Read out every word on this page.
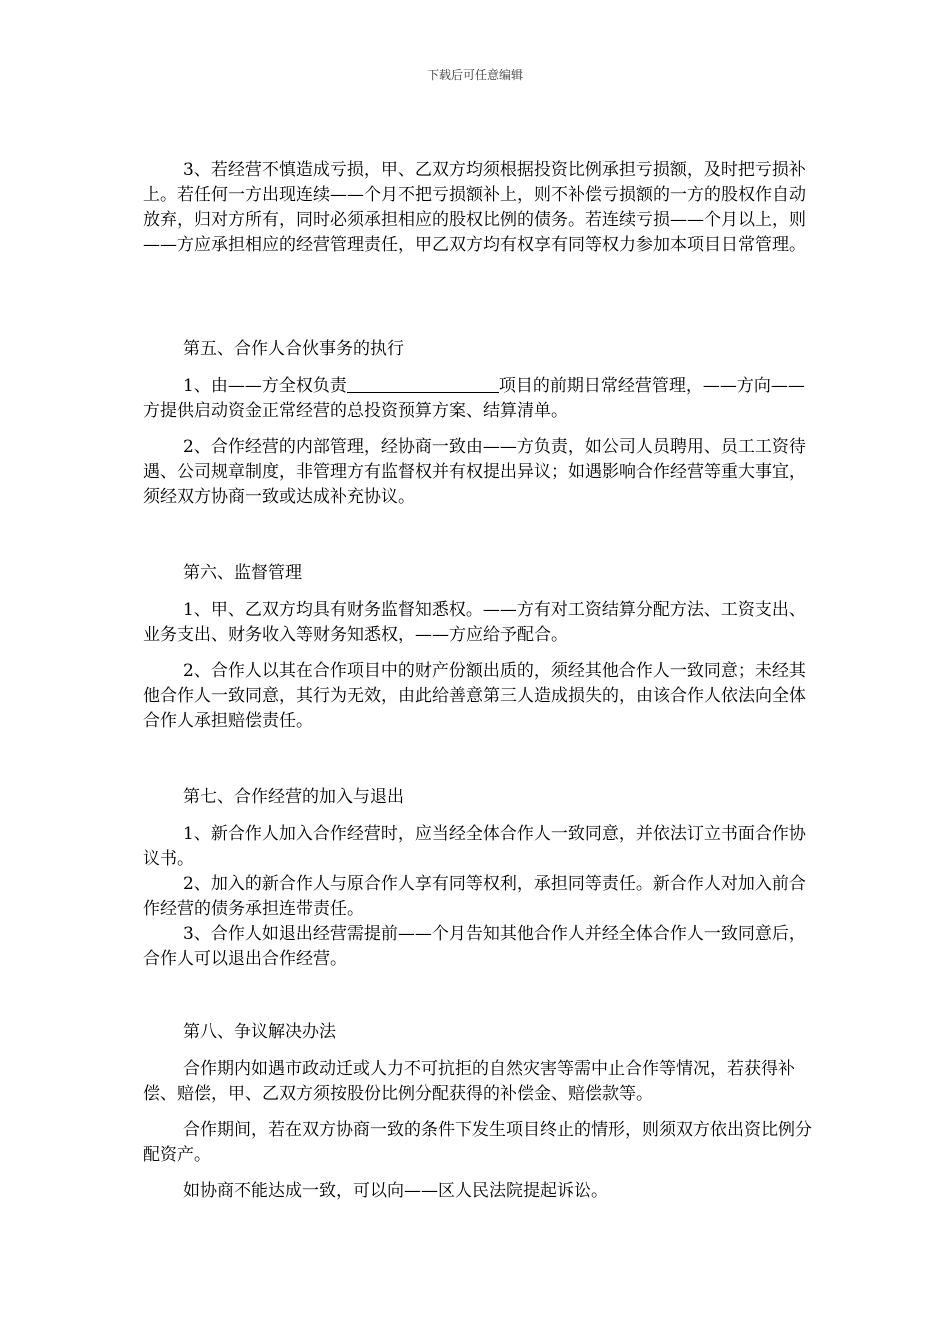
下载后可任意编辑

3、若经营不慎造成亏损，甲、乙双方均须根据投资比例承担亏损额，及时把亏损补上。若任何一方出现连续——个月不把亏损额补上，则不补偿亏损额的一方的股权作自动放弃，归对方所有，同时必须承担相应的股权比例的债务。若连续亏损——个月以上，则——方应承担相应的经营管理责任，甲乙双方均有权享有同等权力参加本项目日常管理。

第五、合作人合伙事务的执行

1、由——方全权负责	项目的前期日常经营管理，——方向——方提供启动资金正常经营的总投资预算方案、结算清单。

2、合作经营的内部管理，经协商一致由——方负责，如公司人员聘用、员工工资待遇、公司规章制度，非管理方有监督权并有权提出异议；如遇影响合作经营等重大事宜，须经双方协商一致或达成补充协议。

第六、监督管理

1、甲、乙双方均具有财务监督知悉权。——方有对工资结算分配方法、工资支出、业务支出、财务收入等财务知悉权，——方应给予配合。

2、合作人以其在合作项目中的财产份额出质的，须经其他合作人一致同意；未经其他合作人一致同意，其行为无效，由此给善意第三人造成损失的，由该合作人依法向全体合作人承担赔偿责任。

第七、合作经营的加入与退出

1、新合作人加入合作经营时，应当经全体合作人一致同意，并依法订立书面合作协议书。

2、加入的新合作人与原合作人享有同等权利，承担同等责任。新合作人对加入前合作经营的债务承担连带责任。

3、合作人如退出经营需提前——个月告知其他合作人并经全体合作人一致同意后，合作人可以退出合作经营。

第八、争议解决办法

合作期内如遇市政动迁或人力不可抗拒的自然灾害等需中止合作等情况，若获得补偿、赔偿，甲、乙双方须按股份比例分配获得的补偿金、赔偿款等。

合作期间，若在双方协商一致的条件下发生项目终止的情形，则须双方依出资比例分配资产。

如协商不能达成一致，可以向——区人民法院提起诉讼。
